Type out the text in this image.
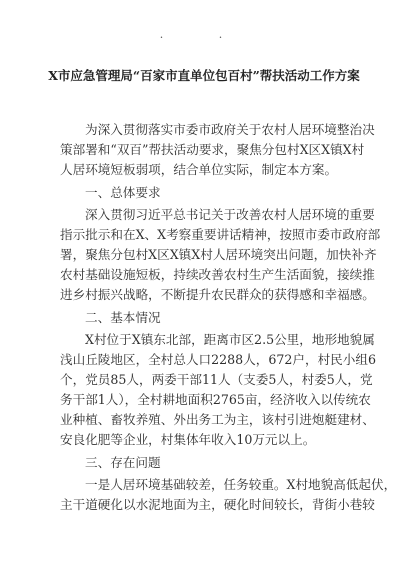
· ·
X市应急管理局“百家市直单位包百村”帮扶活动工作方案
为深入贯彻落实市委市政府关于农村人居环境整治决
策部署和“双百”帮扶活动要求，聚焦分包村X区X镇X村
人居环境短板弱项，结合单位实际，制定本方案。
一、总体要求
深入贯彻习近平总书记关于改善农村人居环境的重要
指示批示和在X、X考察重要讲话精神，按照市委市政府部
署，聚焦分包村X区X镇X村人居环境突出问题，加快补齐
农村基础设施短板，持续改善农村生产生活面貌，接续推
进乡村振兴战略，不断提升农民群众的获得感和幸福感。
二、基本情况
X村位于X镇东北部，距离市区2.5公里，地形地貌属
浅山丘陵地区，全村总人口2288人，672户，村民小组6
个，党员85人，两委干部11人（支委5人，村委5人，党
务干部1人），全村耕地面积2765亩，经济收入以传统农
业种植、畜牧养殖、外出务工为主，该村引进炮艇建材、
安良化肥等企业，村集体年收入10万元以上。
三、存在问题
一是人居环境基础较差，任务较重。X村地貌高低起伏，
主干道硬化以水泥地面为主，硬化时间较长，背街小巷较
